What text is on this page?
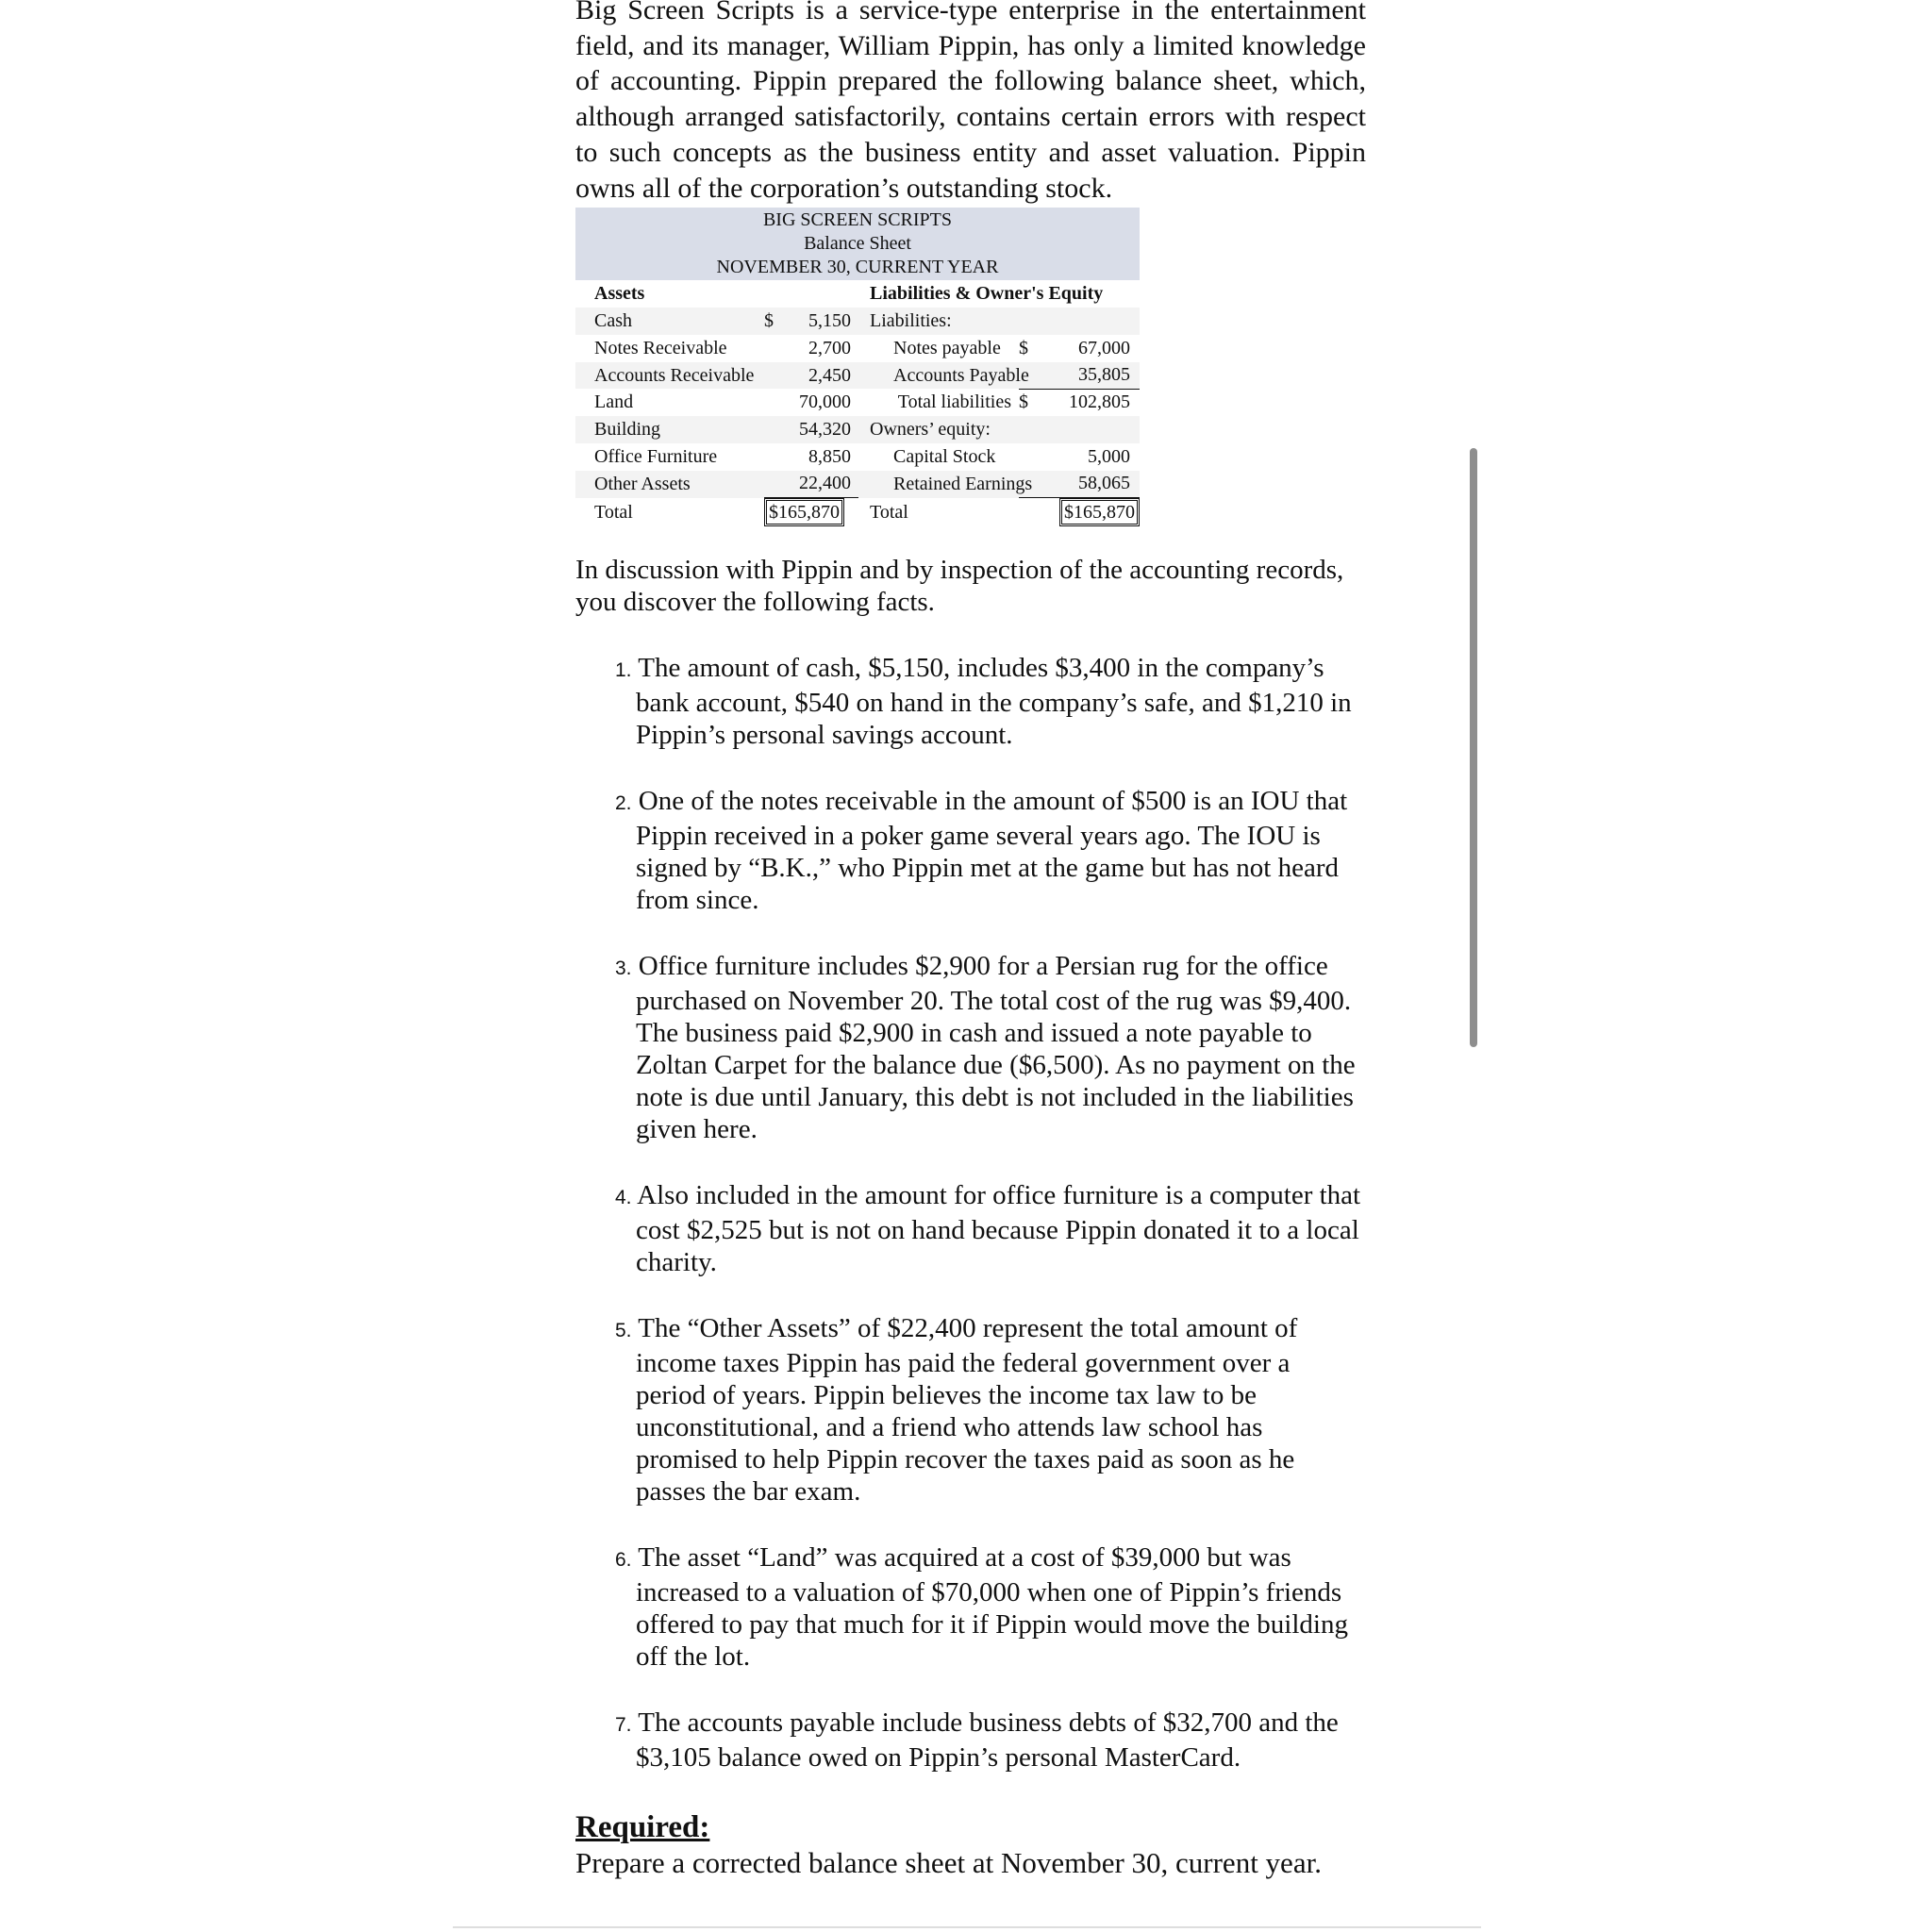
Big Screen Scripts is a service-type enterprise in the entertainment field, and its manager, William Pippin, has only a limited knowledge of accounting. Pippin prepared the following balance sheet, which, although arranged satisfactorily, contains certain errors with respect to such concepts as the business entity and asset valuation. Pippin owns all of the corporation’s outstanding stock.

BIG SCREEN SCRIPTS
Balance Sheet
NOVEMBER 30, CURRENT YEAR
Assets	Liabilities & Owner's Equity
Cash	$ 5,150	Liabilities:
Notes Receivable	2,700	Notes payable $	67,000
Accounts Receivable	2,450	Accounts Payable	35,805
Land	70,000	Total liabilities $ 102,805
Building	54,320	Owners’ equity:
Office Furniture	8,850	Capital Stock	5,000
Other Assets	22,400	Retained Earnings 58,065
Total	$165,870	Total	$165,870

In discussion with Pippin and by inspection of the accounting records, you discover the following facts.

1. The amount of cash, $5,150, includes $3,400 in the company’s bank account, $540 on hand in the company’s safe, and $1,210 in Pippin’s personal savings account.
2. One of the notes receivable in the amount of $500 is an IOU that Pippin received in a poker game several years ago. The IOU is signed by “B.K.,” who Pippin met at the game but has not heard from since.
3. Office furniture includes $2,900 for a Persian rug for the office purchased on November 20. The total cost of the rug was $9,400. The business paid $2,900 in cash and issued a note payable to Zoltan Carpet for the balance due ($6,500). As no payment on the note is due until January, this debt is not included in the liabilities given here.
4. Also included in the amount for office furniture is a computer that cost $2,525 but is not on hand because Pippin donated it to a local charity.
5. The “Other Assets” of $22,400 represent the total amount of income taxes Pippin has paid the federal government over a period of years. Pippin believes the income tax law to be unconstitutional, and a friend who attends law school has promised to help Pippin recover the taxes paid as soon as he passes the bar exam.
6. The asset “Land” was acquired at a cost of $39,000 but was increased to a valuation of $70,000 when one of Pippin’s friends offered to pay that much for it if Pippin would move the building off the lot.
7. The accounts payable include business debts of $32,700 and the $3,105 balance owed on Pippin’s personal MasterCard.
Required:
Prepare a corrected balance sheet at November 30, current year.
